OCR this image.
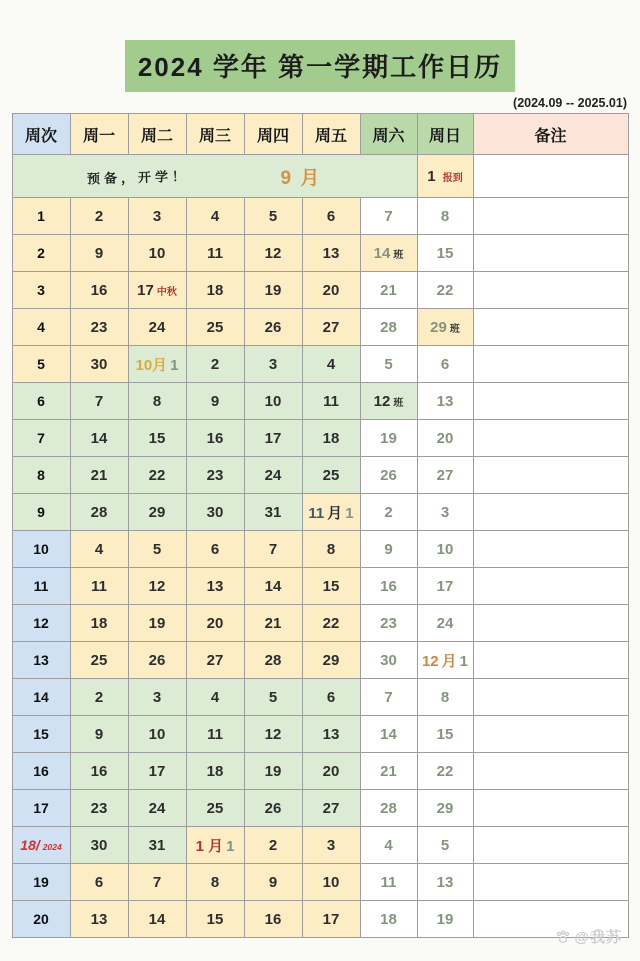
2024 学年 第一学期工作日历
(2024.09 -- 2025.01)
周次	周一	周二	周三	周四	周五	周六	周日	备注

预备，开学！ 9 月							1 报到	
1	2	3	4	5	6	7	8	
2	9	10	11	12	13	14 班	15	
3	16	17 中秋	18	19	20	21	22	
4	23	24	25	26	27	28	29 班	
5	30	10月 1	2	3	4	5	6	
6	7	8	9	10	11	12 班	13	
7	14	15	16	17	18	19	20	
8	21	22	23	24	25	26	27	
9	28	29	30	31	11 月 1	2	3	
10	4	5	6	7	8	9	10	
11	11	12	13	14	15	16	17	
12	18	19	20	21	22	23	24	
13	25	26	27	28	29	30	12 月 1	
14	2	3	4	5	6	7	8	
15	9	10	11	12	13	14	15	
16	16	17	18	19	20	21	22	
17	23	24	25	26	27	28	29	
18/ 2024	30	31	1 月 1	2	3	4	5	
19	6	7	8	9	10	11	13	
20	13	14	15	16	17	18	19	
@我苏
